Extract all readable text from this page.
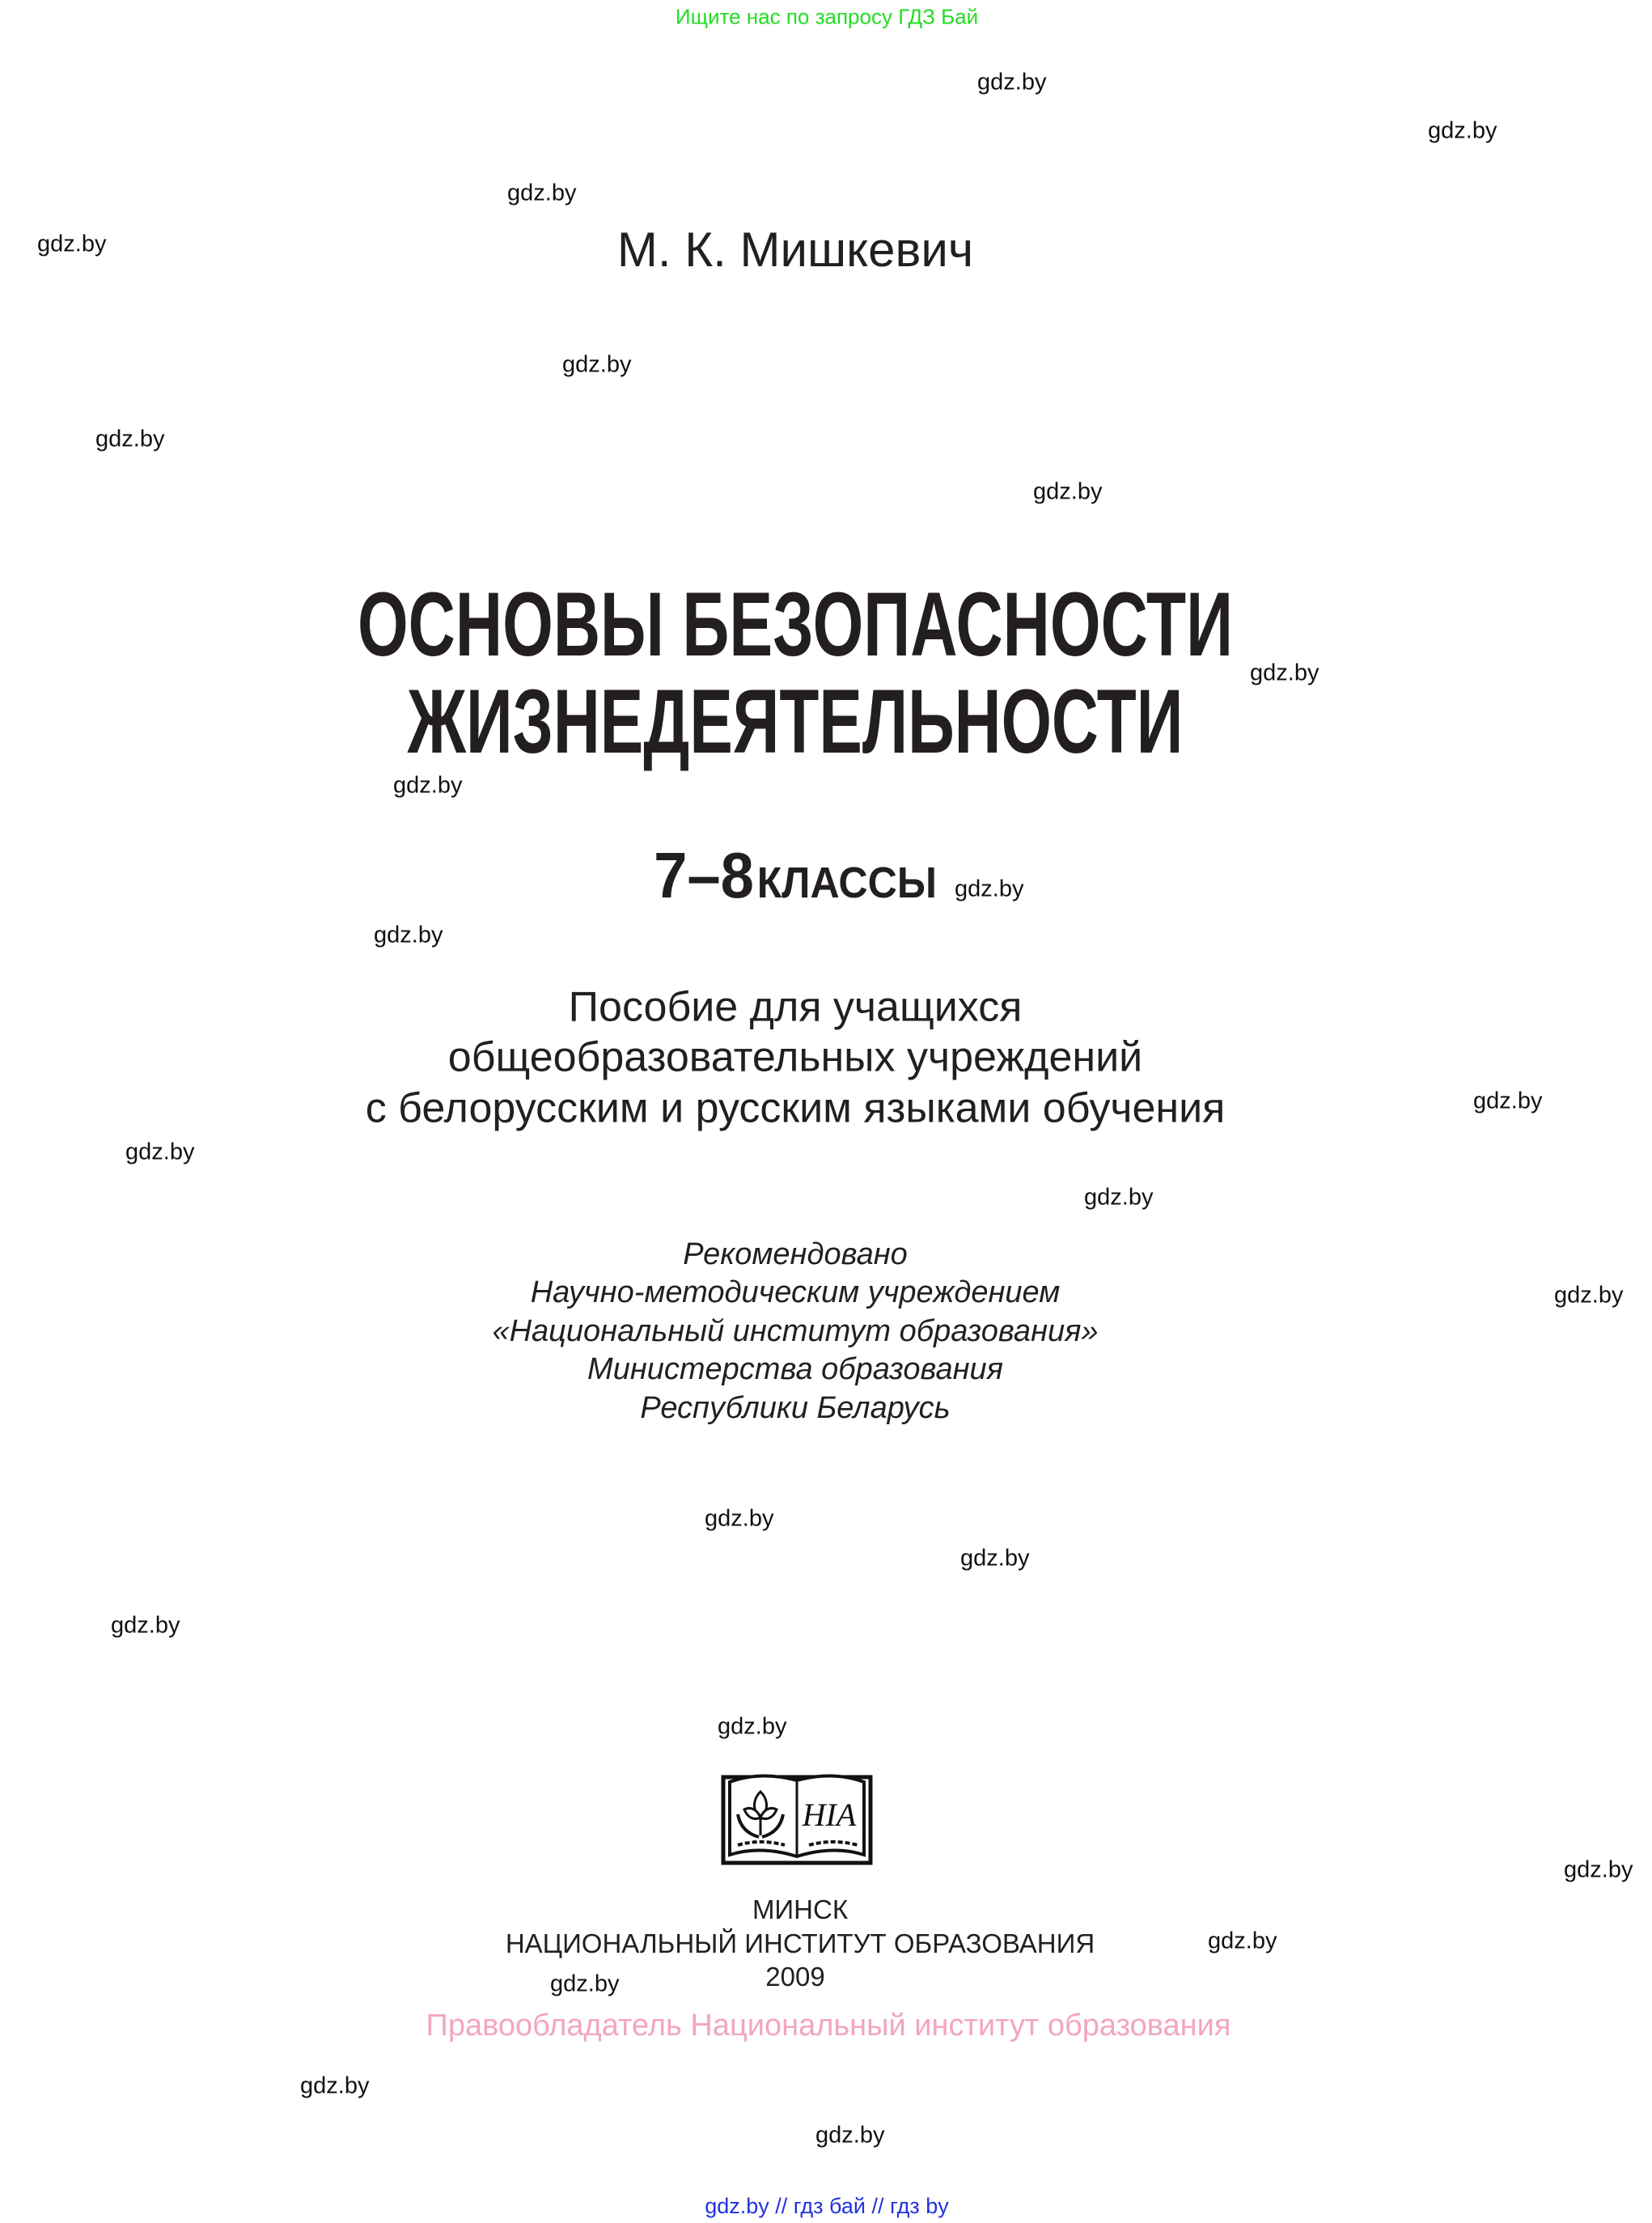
Ищите нас по запросу ГДЗ Бай
М. К. Мишкевич
ОСНОВЫ БЕЗОПАСНОСТИ
ЖИЗНЕДЕЯТЕЛЬНОСТИ
7–8КЛАССЫ
Пособие для учащихся
общеобразовательных учреждений
с белорусским и русским языками обучения
Рекомендовано
Научно-методическим учреждением
«Национальный институт образования»
Министерства образования
Республики Беларусь
НІА
МИНСК
НАЦИОНАЛЬНЫЙ ИНСТИТУТ ОБРАЗОВАНИЯ
2009
Правообладатель Национальный институт образования
gdz.by // гдз бай // гдз by
gdz.by
gdz.by
gdz.by
gdz.by
gdz.by
gdz.by
gdz.by
gdz.by
gdz.by
gdz.by
gdz.by
gdz.by
gdz.by
gdz.by
gdz.by
gdz.by
gdz.by
gdz.by
gdz.by
gdz.by
gdz.by
gdz.by
gdz.by
gdz.by
